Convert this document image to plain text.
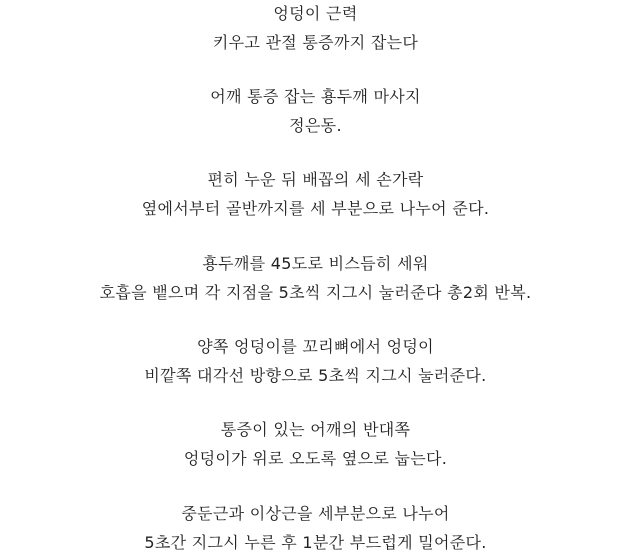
엉덩이 근력
키우고 관절 통증까지 잡는다
어깨 통증 잡는 횽두깨 마사지
정은동.
편히 누운 뒤 배꼽의 세 손가락
옆에서부터 골반까지를 세 부분으로 나누어 준다.
횽두깨를 45도로 비스듬히 세워
호흡을 뱉으며 각 지점을 5초씩 지그시 눌러준다 총2회 반복.
양쪽 엉덩이를 꼬리뼈에서 엉덩이
비깥쪽 대각선 방향으로 5초씩 지그시 눌러준다.
통증이 있는 어깨의 반대쪽
엉덩이가 위로 오도록 옆으로 눕는다.
중둔근과 이상근을 세부분으로 나누어
5초간 지그시 누른 후 1분간 부드럽게 밀어준다.
